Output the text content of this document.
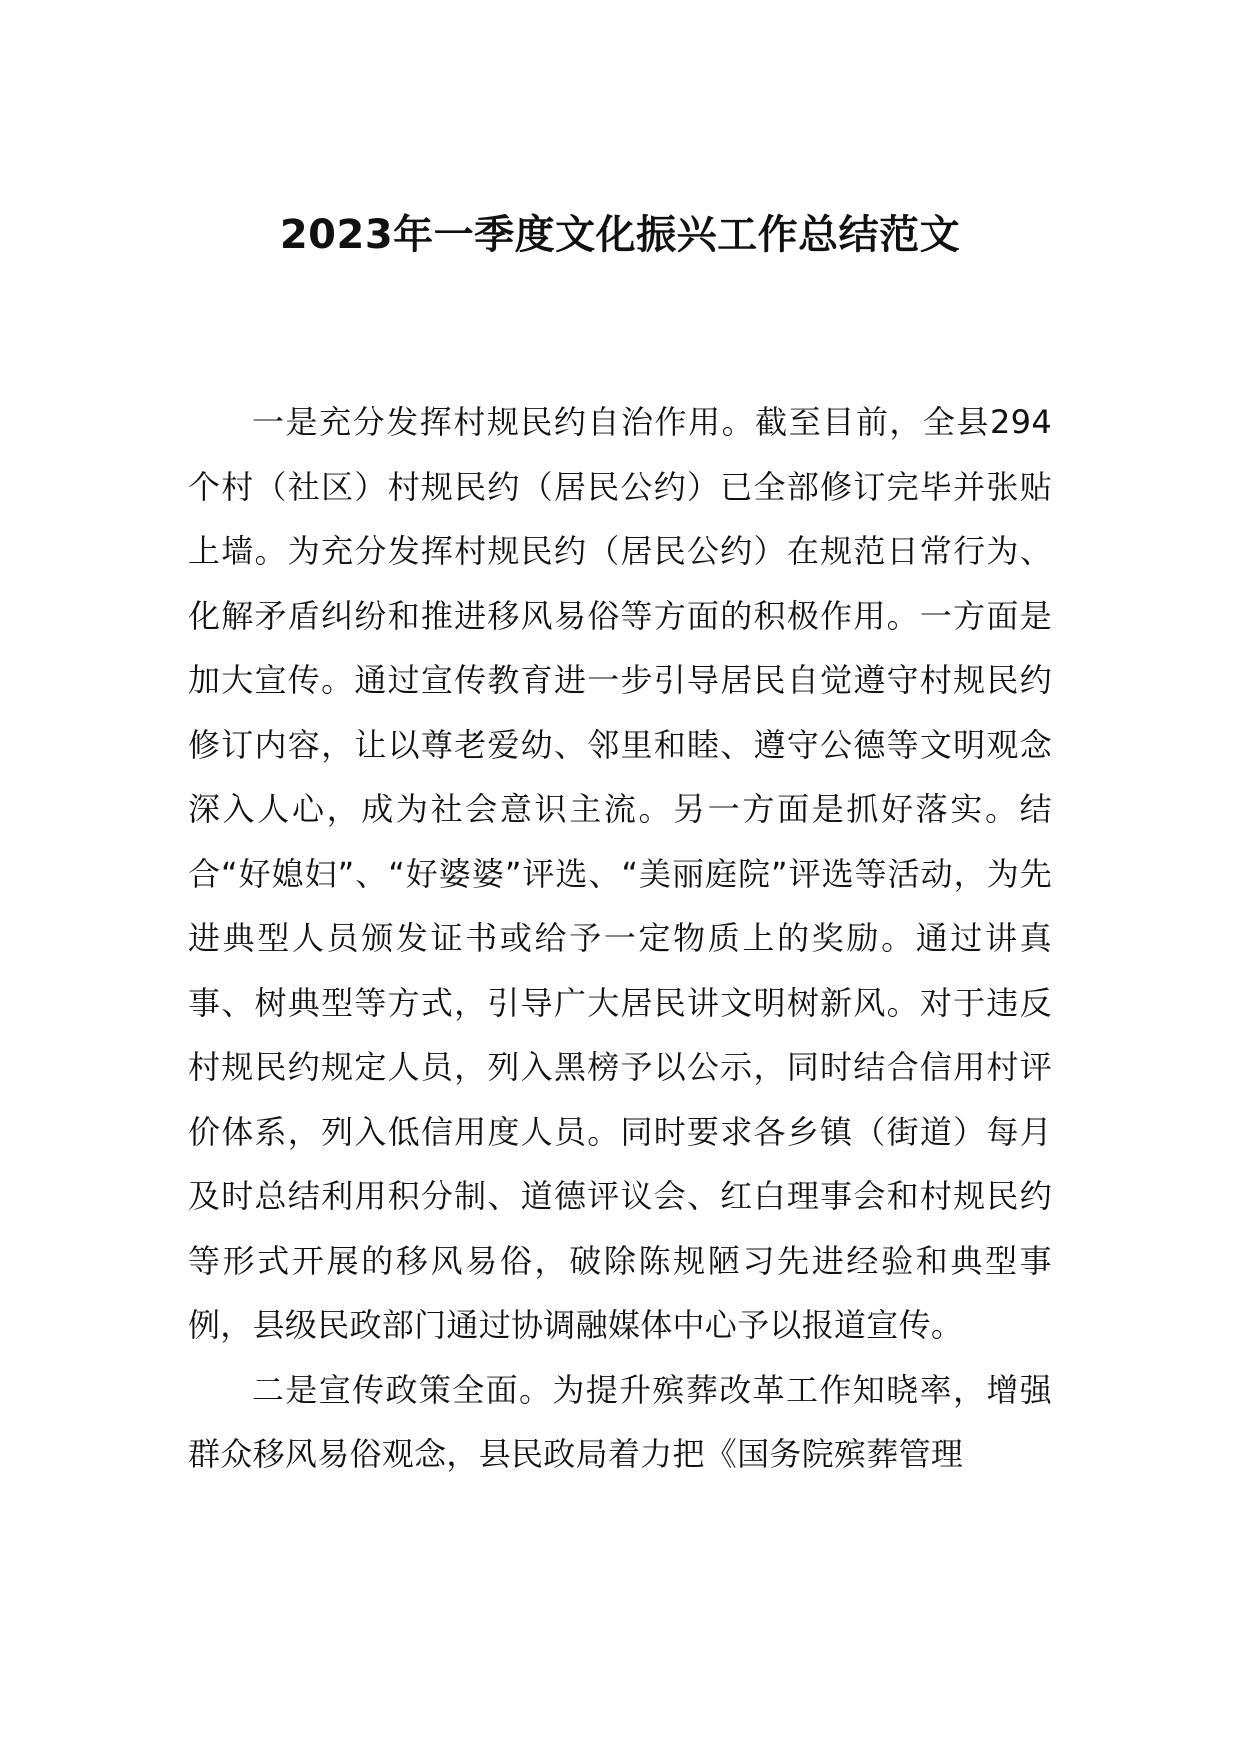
2023年一季度文化振兴工作总结范文

一是充分发挥村规民约自治作用。截至目前，全县294个村（社区）村规民约（居民公约）已全部修订完毕并张贴上墙。为充分发挥村规民约（居民公约）在规范日常行为、化解矛盾纠纷和推进移风易俗等方面的积极作用。一方面是加大宣传。通过宣传教育进一步引导居民自觉遵守村规民约修订内容，让以尊老爱幼、邻里和睦、遵守公德等文明观念深入人心，成为社会意识主流。另一方面是抓好落实。结合“好媳妇”、“好婆婆”评选、“美丽庭院”评选等活动，为先进典型人员颁发证书或给予一定物质上的奖励。通过讲真事、树典型等方式，引导广大居民讲文明树新风。对于违反村规民约规定人员，列入黑榜予以公示，同时结合信用村评价体系，列入低信用度人员。同时要求各乡镇（街道）每月及时总结利用积分制、道德评议会、红白理事会和村规民约等形式开展的移风易俗，破除陈规陋习先进经验和典型事例，县级民政部门通过协调融媒体中心予以报道宣传。

二是宣传政策全面。为提升殡葬改革工作知晓率，增强群众移风易俗观念，县民政局着力把《国务院殡葬管理
